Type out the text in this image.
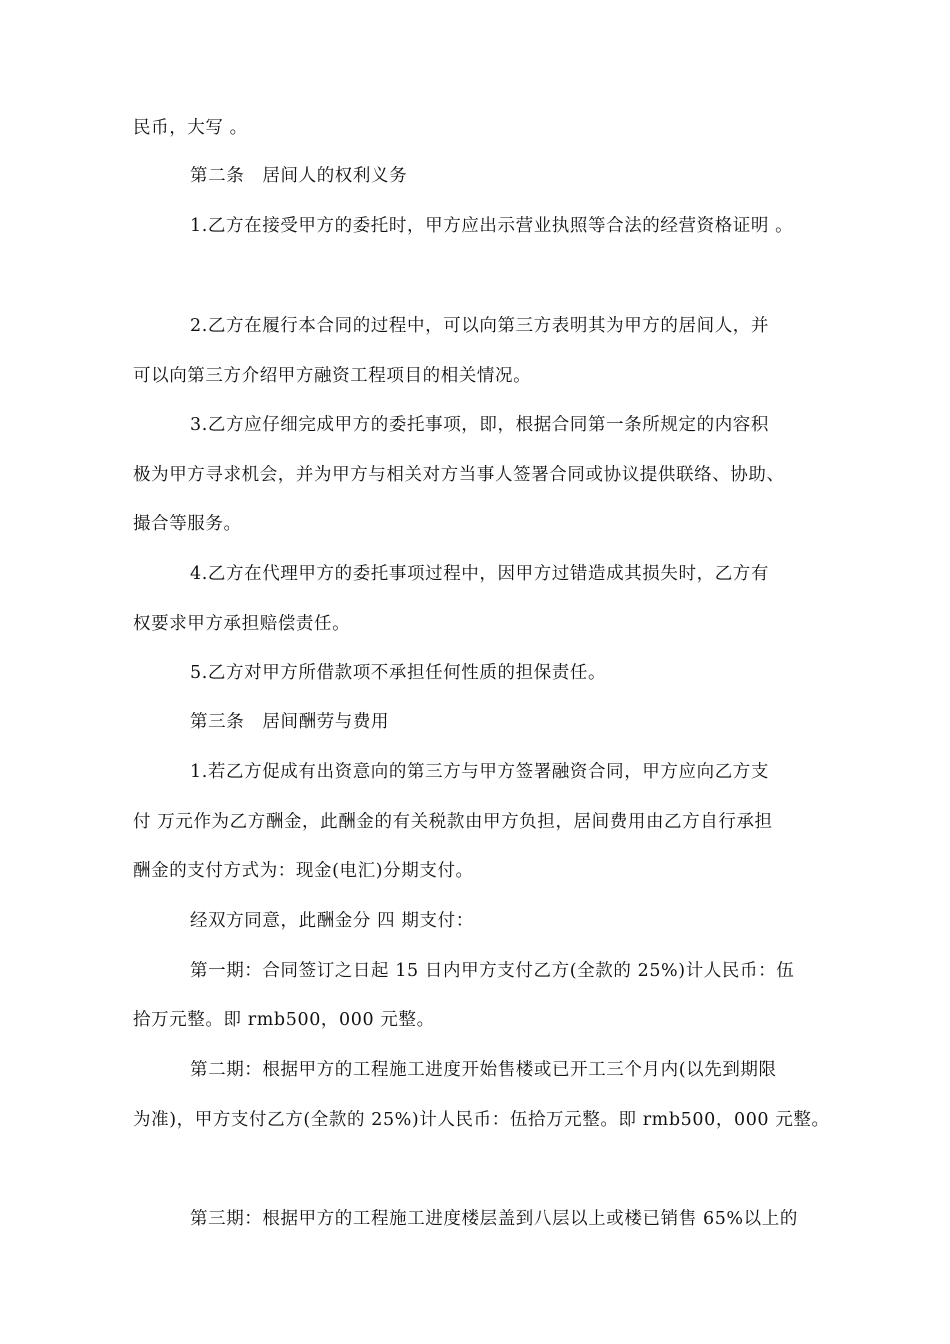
民币，大写 。
第二条　居间人的权利义务
1.乙方在接受甲方的委托时，甲方应出示营业执照等合法的经营资格证明 。
2.乙方在履行本合同的过程中，可以向第三方表明其为甲方的居间人，并
可以向第三方介绍甲方融资工程项目的相关情况。
3.乙方应仔细完成甲方的委托事项，即，根据合同第一条所规定的内容积
极为甲方寻求机会，并为甲方与相关对方当事人签署合同或协议提供联络、协助、
撮合等服务。
4.乙方在代理甲方的委托事项过程中，因甲方过错造成其损失时，乙方有
权要求甲方承担赔偿责任。
5.乙方对甲方所借款项不承担任何性质的担保责任。
第三条　居间酬劳与费用
1.若乙方促成有出资意向的第三方与甲方签署融资合同，甲方应向乙方支
付 万元作为乙方酬金，此酬金的有关税款由甲方负担，居间费用由乙方自行承担
酬金的支付方式为：现金(电汇)分期支付。
经双方同意，此酬金分 四 期支付：
第一期：合同签订之日起 15 日内甲方支付乙方(全款的 25%)计人民币：伍
拾万元整。即 rmb500，000 元整。
第二期：根据甲方的工程施工进度开始售楼或已开工三个月内(以先到期限
为准)，甲方支付乙方(全款的 25%)计人民币：伍拾万元整。即 rmb500，000 元整。
第三期：根据甲方的工程施工进度楼层盖到八层以上或楼已销售 65%以上的
